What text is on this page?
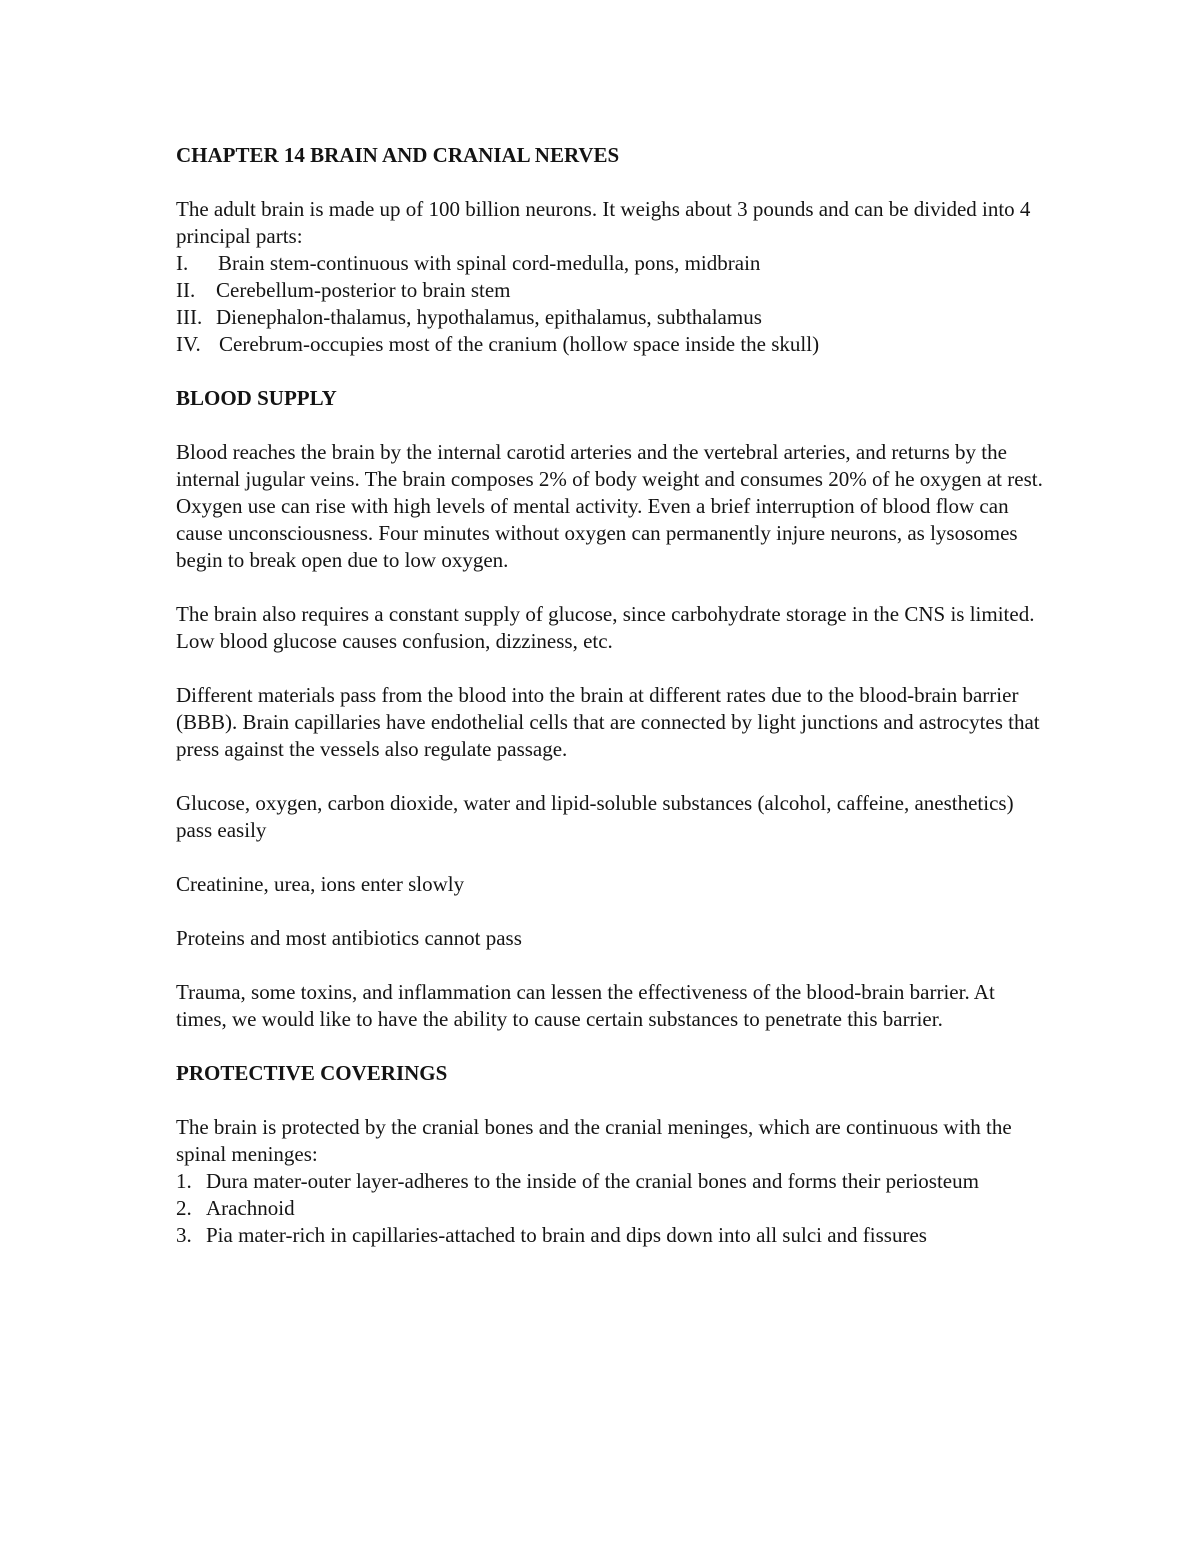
CHAPTER 14 BRAIN AND CRANIAL NERVES

The adult brain is made up of 100 billion neurons. It weighs about 3 pounds and can be divided into 4 principal parts:

I.	Brain stem-continuous with spinal cord-medulla, pons, midbrain
II. Cerebellum-posterior to brain stem
III. Dienephalon-thalamus, hypothalamus, epithalamus, subthalamus
IV. Cerebrum-occupies most of the cranium (hollow space inside the skull)
BLOOD SUPPLY

Blood reaches the brain by the internal carotid arteries and the vertebral arteries, and returns by the internal jugular veins. The brain composes 2% of body weight and consumes 20% of he oxygen at rest. Oxygen use can rise with high levels of mental activity. Even a brief interruption of blood flow can cause unconsciousness. Four minutes without oxygen can permanently injure neurons, as lysosomes begin to break open due to low oxygen.

The brain also requires a constant supply of glucose, since carbohydrate storage in the CNS is limited. Low blood glucose causes confusion, dizziness, etc.

Different materials pass from the blood into the brain at different rates due to the blood-brain barrier (BBB). Brain capillaries have endothelial cells that are connected by light junctions and astrocytes that press against the vessels also regulate passage.

Glucose, oxygen, carbon dioxide, water and lipid-soluble substances (alcohol, caffeine, anesthetics) pass easily

Creatinine, urea, ions enter slowly

Proteins and most antibiotics cannot pass

Trauma, some toxins, and inflammation can lessen the effectiveness of the blood-brain barrier. At times, we would like to have the ability to cause certain substances to penetrate this barrier.

PROTECTIVE COVERINGS

The brain is protected by the cranial bones and the cranial meninges, which are continuous with the spinal meninges:

1. Dura mater-outer layer-adheres to the inside of the cranial bones and forms their periosteum
2. Arachnoid
3. Pia mater-rich in capillaries-attached to brain and dips down into all sulci and fissures
